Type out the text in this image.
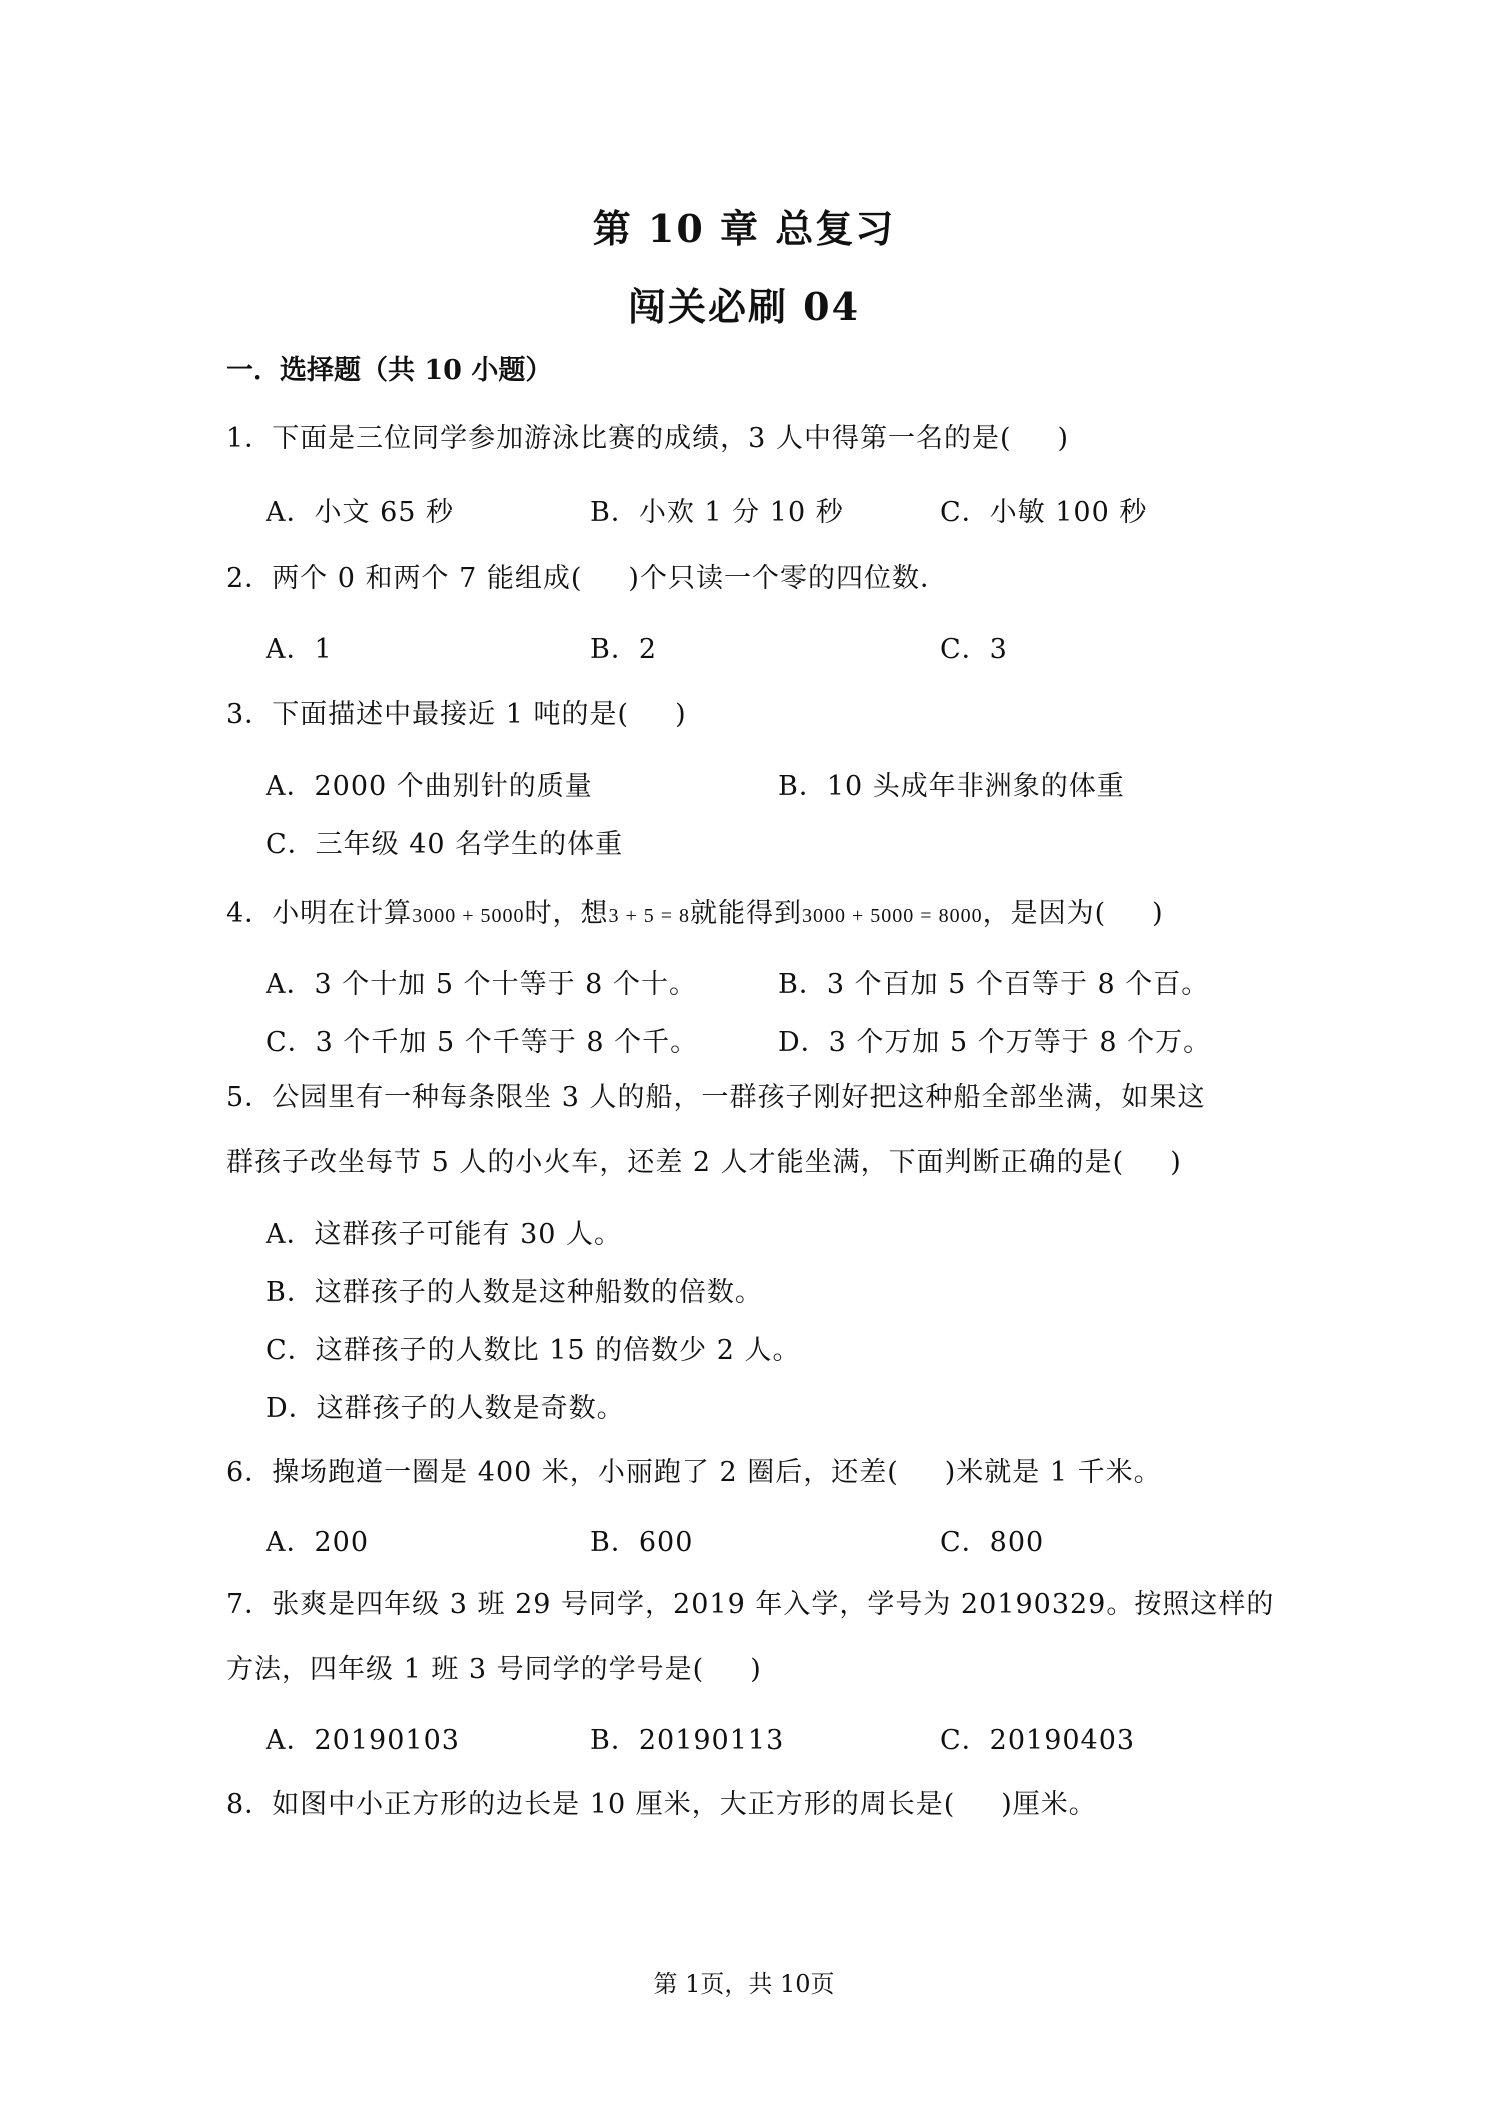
第 10 章 总复习
闯关必刷 04
一．选择题（共 10 小题）
1．下面是三位同学参加游泳比赛的成绩，3 人中得第一名的是( )
A．小文 65 秒	B．小欢 1 分 10 秒	C．小敏 100 秒
2．两个 0 和两个 7 能组成( )个只读一个零的四位数．
A．1	B．2	C．3
3．下面描述中最接近 1 吨的是( )
A．2000 个曲别针的质量	B．10 头成年非洲象的体重
C．三年级 40 名学生的体重
4．小明在计算3000 + 5000时，想3 + 5 = 8就能得到3000 + 5000 = 8000，是因为( )
A．3 个十加 5 个十等于 8 个十。	B．3 个百加 5 个百等于 8 个百。
C．3 个千加 5 个千等于 8 个千。	D．3 个万加 5 个万等于 8 个万。
5．公园里有一种每条限坐 3 人的船，一群孩子刚好把这种船全部坐满，如果这
群孩子改坐每节 5 人的小火车，还差 2 人才能坐满，下面判断正确的是( )
A．这群孩子可能有 30 人。
B．这群孩子的人数是这种船数的倍数。
C．这群孩子的人数比 15 的倍数少 2 人。
D．这群孩子的人数是奇数。
6．操场跑道一圈是 400 米，小丽跑了 2 圈后，还差( )米就是 1 千米。
A．200	B．600	C．800
7．张爽是四年级 3 班 29 号同学，2019 年入学，学号为 20190329。按照这样的
方法，四年级 1 班 3 号同学的学号是( )
A．20190103	B．20190113	C．20190403
8．如图中小正方形的边长是 10 厘米，大正方形的周长是( )厘米。
第 1页，共 10页
